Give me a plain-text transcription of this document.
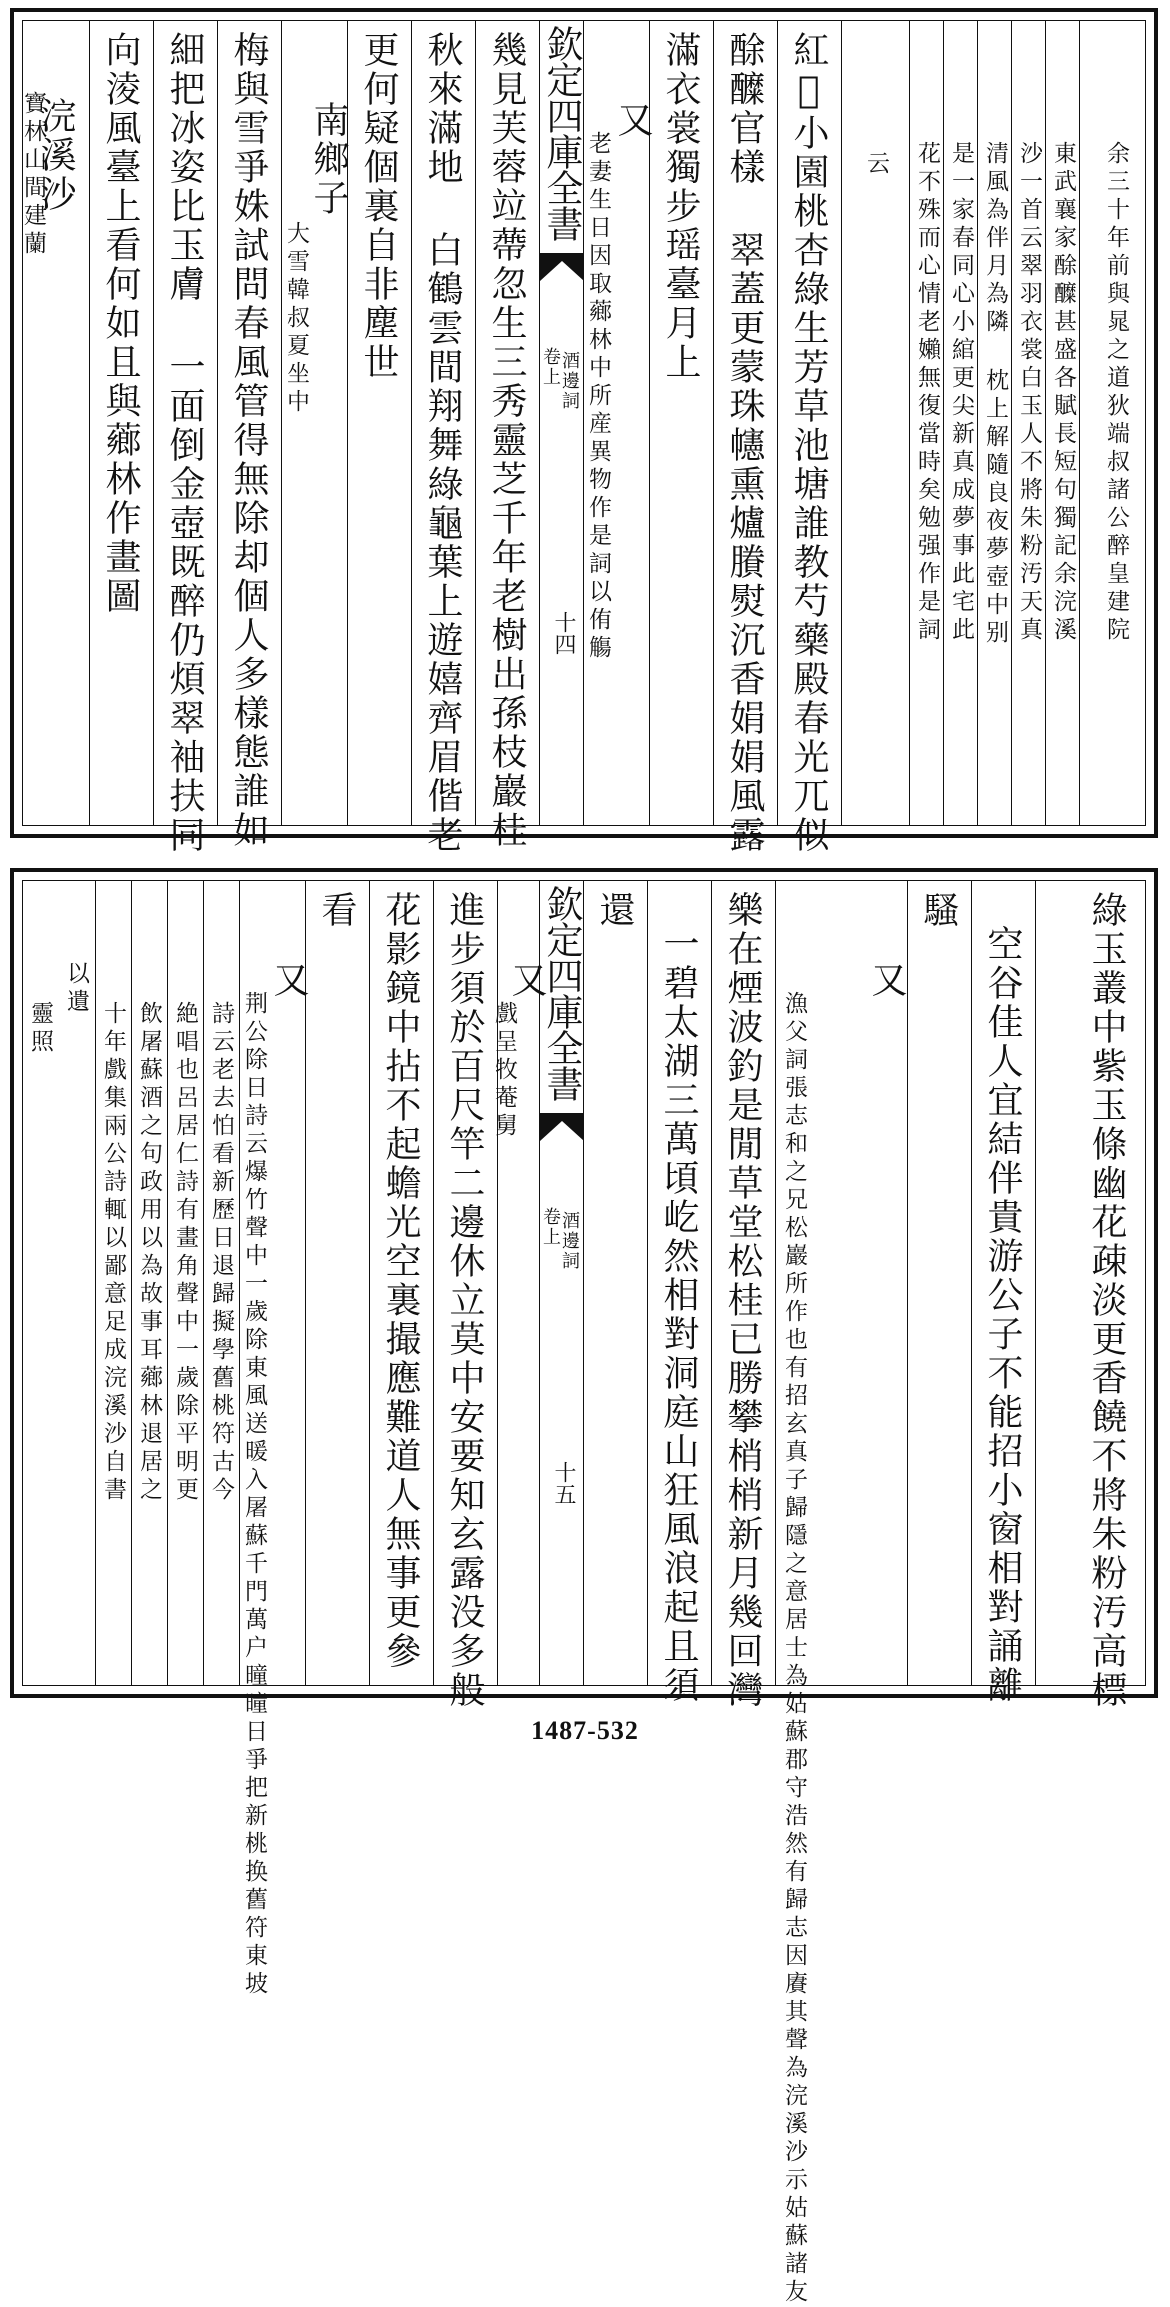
浣溪沙
寶林山間建蘭 向淩風臺上看何如且與薌林作畫圖 細把冰姿比玉膚 一面倒金壺既醉仍煩翠袖扶同 梅與雪爭姝試問春風管得無除却個人多樣態誰如 南鄉子
大雪韓叔夏坐中 更何疑個裏自非塵世 秋來滿地 白鶴雲間翔舞綠龜葉上遊嬉齊眉偕老 幾見芙蓉竝蔕忽生三秀靈芝千年老樹出孫枝巖桂 欽定四庫全書
酒邊詞
卷上
十四
又
老妻生日因取薌林中所産異物作是詞以侑觴 滿衣裳獨步瑶臺月上 酴醾官樣 翠蓋更蒙珠幰熏爐賸熨沉香娟娟風露 紅𧞤小園桃杏綠生芳草池塘誰教芍藥殿春光兀似 云 花不殊而心情老嬾無復當時矣勉强作是詞 是一家春同心小綰更尖新真成夢事此宅此 清風為伴月為隣 枕上解隨良夜夢壺中别 沙一首云翠羽衣裳白玉人不將朱粉汚天真 東武襄家酴醾甚盛各賦長短句獨記余浣溪 余三十年前與晁之道狄端叔諸公醉皇建院
靈照
以遺
十年戲集兩公詩輒以鄙意足成浣溪沙自書 飲屠蘇酒之句政用以為故事耳薌林退居之 絶唱也呂居仁詩有畫角聲中一歲除平明更 詩云老去怕看新歷日退歸擬學舊桃符古今
又
荆公除日詩云爆竹聲中一歲除東風送暖入屠蘇千門萬户曈曈日爭把新桃换舊符東坡
看 花影鏡中拈不起蟾光空裏撮應難道人無事更參 進步須於百尺竿二邊休立莫中安要知玄露没多般 又
戲呈牧菴舅 欽定四庫全書
酒邊詞
卷上
十五
還
一碧太湖三萬頃屹然相對洞庭山狂風浪起且須 樂在煙波釣是閒草堂松桂已勝攀梢梢新月幾回灣	又
漁父詞張志和之兄松巖所作也有招玄真子歸隱之意居士為姑蘇郡守浩然有歸志因賡其聲為浣溪沙示姑蘇諸友
騷
空谷佳人宜結伴貴游公子不能招小窗相對誦離 綠玉叢中紫玉條幽花疎淡更香饒不將朱粉汚高標
1487-532
